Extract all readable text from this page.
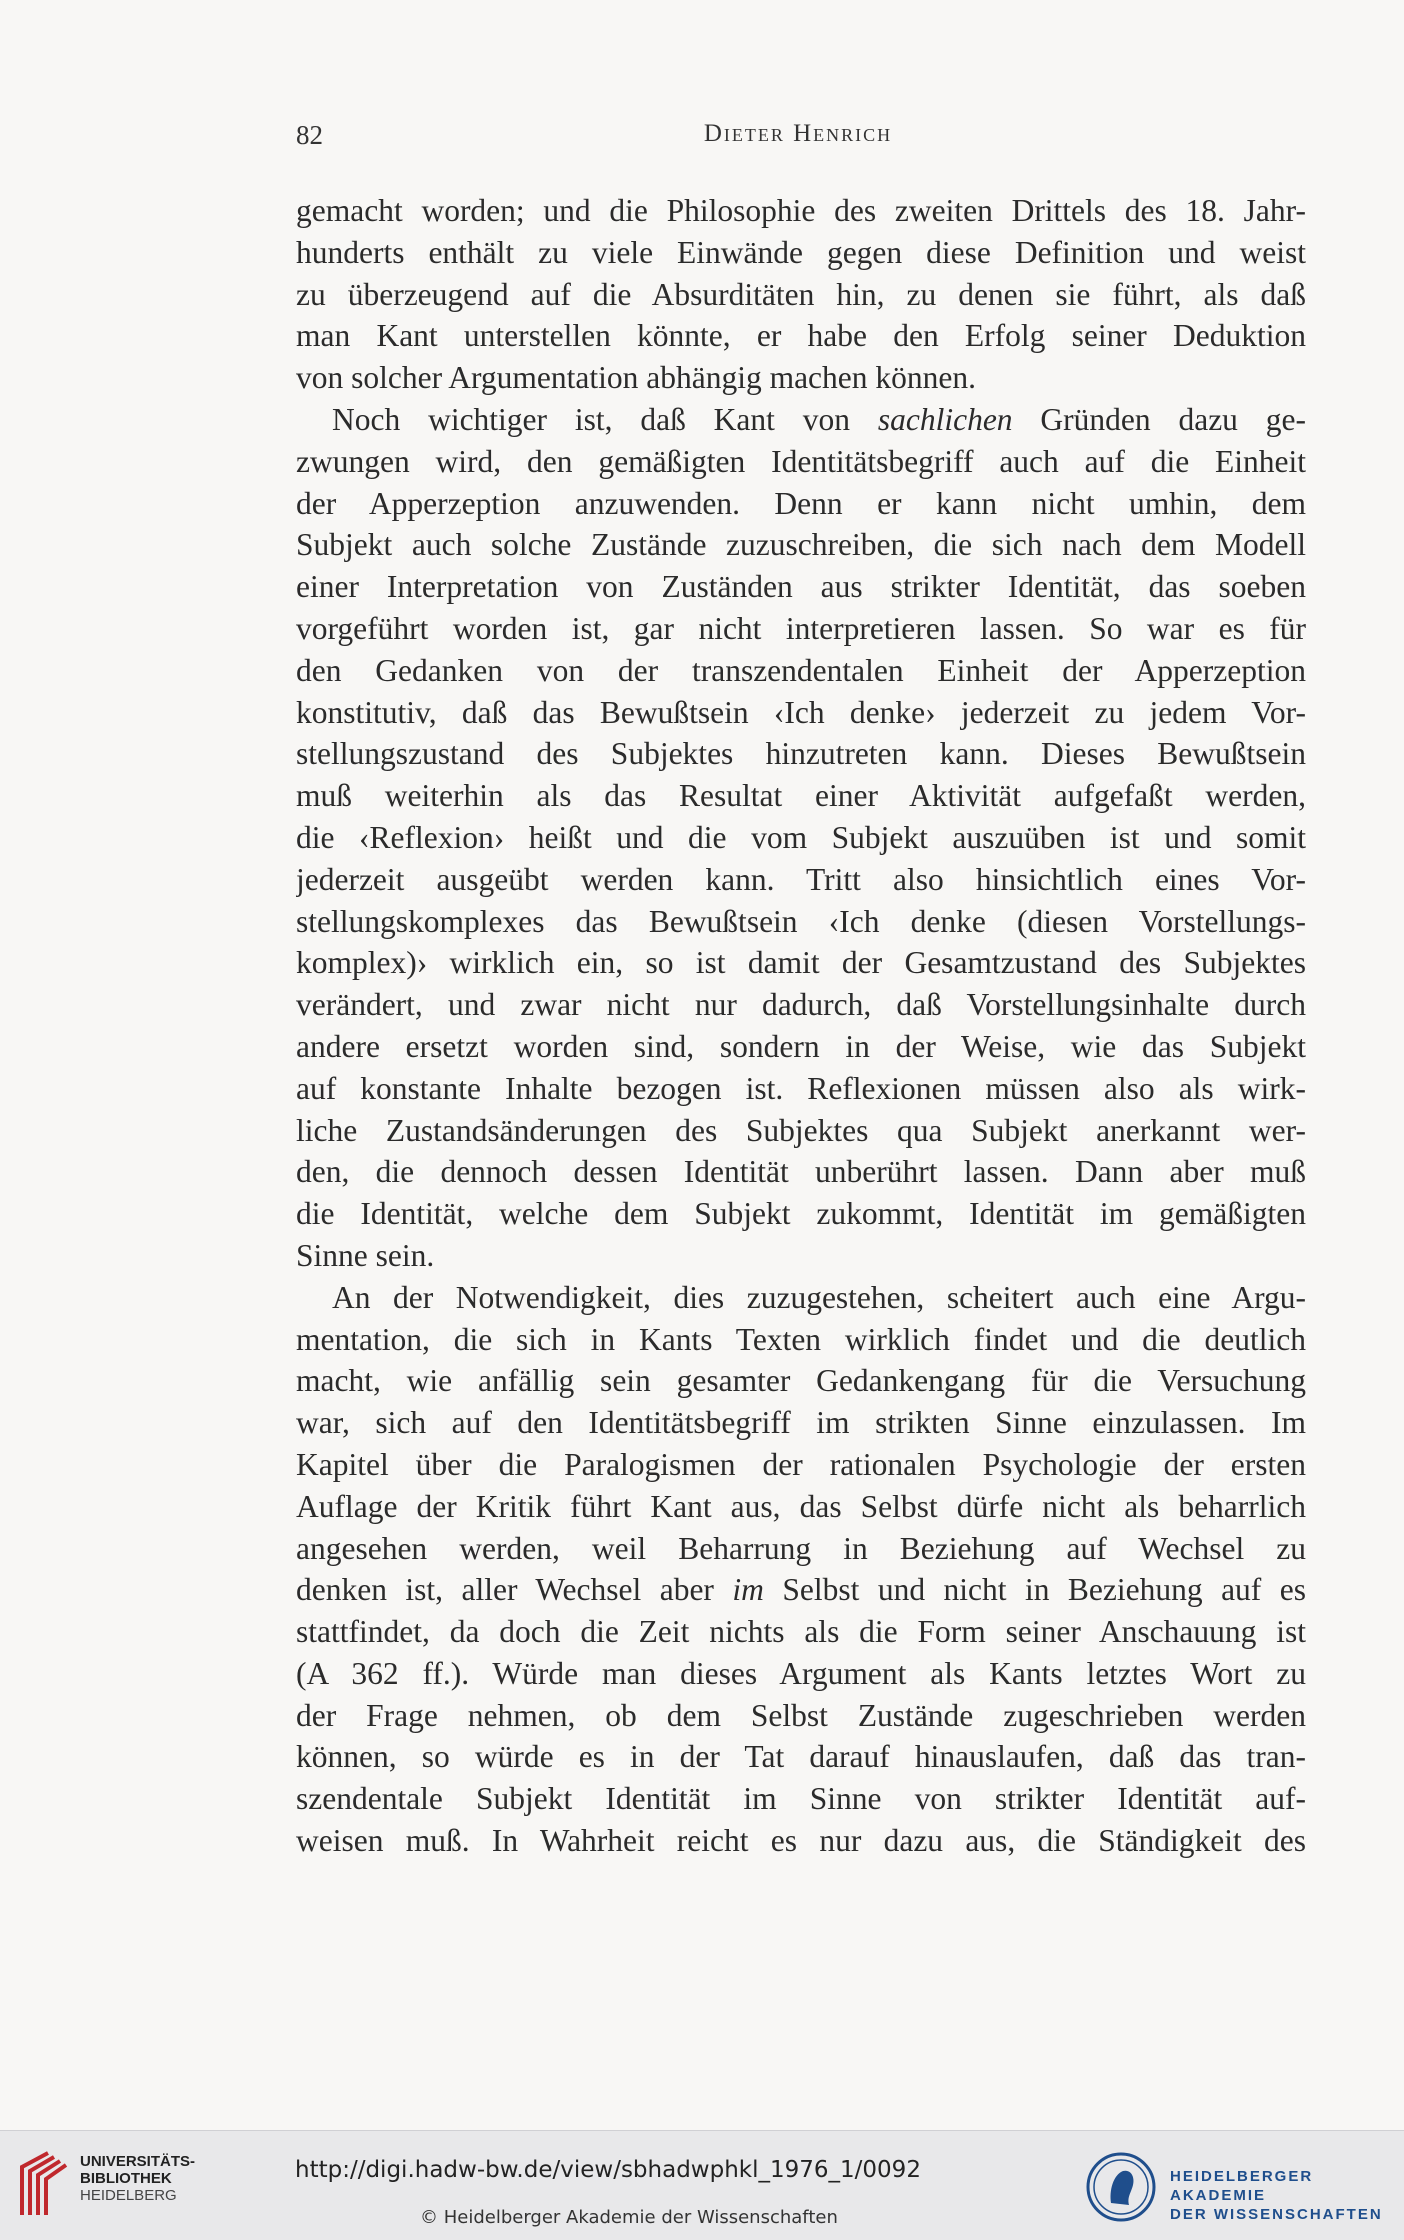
82	Dieter Henrich
gemacht worden; und die Philosophie des zweiten Drittels des 18. Jahr-
hunderts enthält zu viele Einwände gegen diese Definition und weist
zu überzeugend auf die Absurditäten hin, zu denen sie führt, als daß
man Kant unterstellen könnte, er habe den Erfolg seiner Deduktion
von solcher Argumentation abhängig machen können.
Noch wichtiger ist, daß Kant von sachlichen Gründen dazu ge-
zwungen wird, den gemäßigten Identitätsbegriff auch auf die Einheit
der Apperzeption anzuwenden. Denn er kann nicht umhin, dem
Subjekt auch solche Zustände zuzuschreiben, die sich nach dem Modell
einer Interpretation von Zuständen aus strikter Identität, das soeben
vorgeführt worden ist, gar nicht interpretieren lassen. So war es für
den Gedanken von der transzendentalen Einheit der Apperzeption
konstitutiv, daß das Bewußtsein ‹Ich denke› jederzeit zu jedem Vor-
stellungszustand des Subjektes hinzutreten kann. Dieses Bewußtsein
muß weiterhin als das Resultat einer Aktivität aufgefaßt werden,
die ‹Reflexion› heißt und die vom Subjekt auszuüben ist und somit
jederzeit ausgeübt werden kann. Tritt also hinsichtlich eines Vor-
stellungskomplexes das Bewußtsein ‹Ich denke (diesen Vorstellungs-
komplex)› wirklich ein, so ist damit der Gesamtzustand des Subjektes
verändert, und zwar nicht nur dadurch, daß Vorstellungsinhalte durch
andere ersetzt worden sind, sondern in der Weise, wie das Subjekt
auf konstante Inhalte bezogen ist. Reflexionen müssen also als wirk-
liche Zustandsänderungen des Subjektes qua Subjekt anerkannt wer-
den, die dennoch dessen Identität unberührt lassen. Dann aber muß
die Identität, welche dem Subjekt zukommt, Identität im gemäßigten
Sinne sein.
An der Notwendigkeit, dies zuzugestehen, scheitert auch eine Argu-
mentation, die sich in Kants Texten wirklich findet und die deutlich
macht, wie anfällig sein gesamter Gedankengang für die Versuchung
war, sich auf den Identitätsbegriff im strikten Sinne einzulassen. Im
Kapitel über die Paralogismen der rationalen Psychologie der ersten
Auflage der Kritik führt Kant aus, das Selbst dürfe nicht als beharrlich
angesehen werden, weil Beharrung in Beziehung auf Wechsel zu
denken ist, aller Wechsel aber im Selbst und nicht in Beziehung auf es
stattfindet, da doch die Zeit nichts als die Form seiner Anschauung ist
(A 362 ff.). Würde man dieses Argument als Kants letztes Wort zu
der Frage nehmen, ob dem Selbst Zustände zugeschrieben werden
können, so würde es in der Tat darauf hinauslaufen, daß das tran-
szendentale Subjekt Identität im Sinne von strikter Identität auf-
weisen muß. In Wahrheit reicht es nur dazu aus, die Ständigkeit des
UNIVERSITÄTS-
BIBLIOTHEK
HEIDELBERG
http://digi.hadw-bw.de/view/sbhadwphkl_1976_1/0092
© Heidelberger Akademie der Wissenschaften
HEIDELBERGER AKADEMIE
DER WISSENSCHAFTEN
